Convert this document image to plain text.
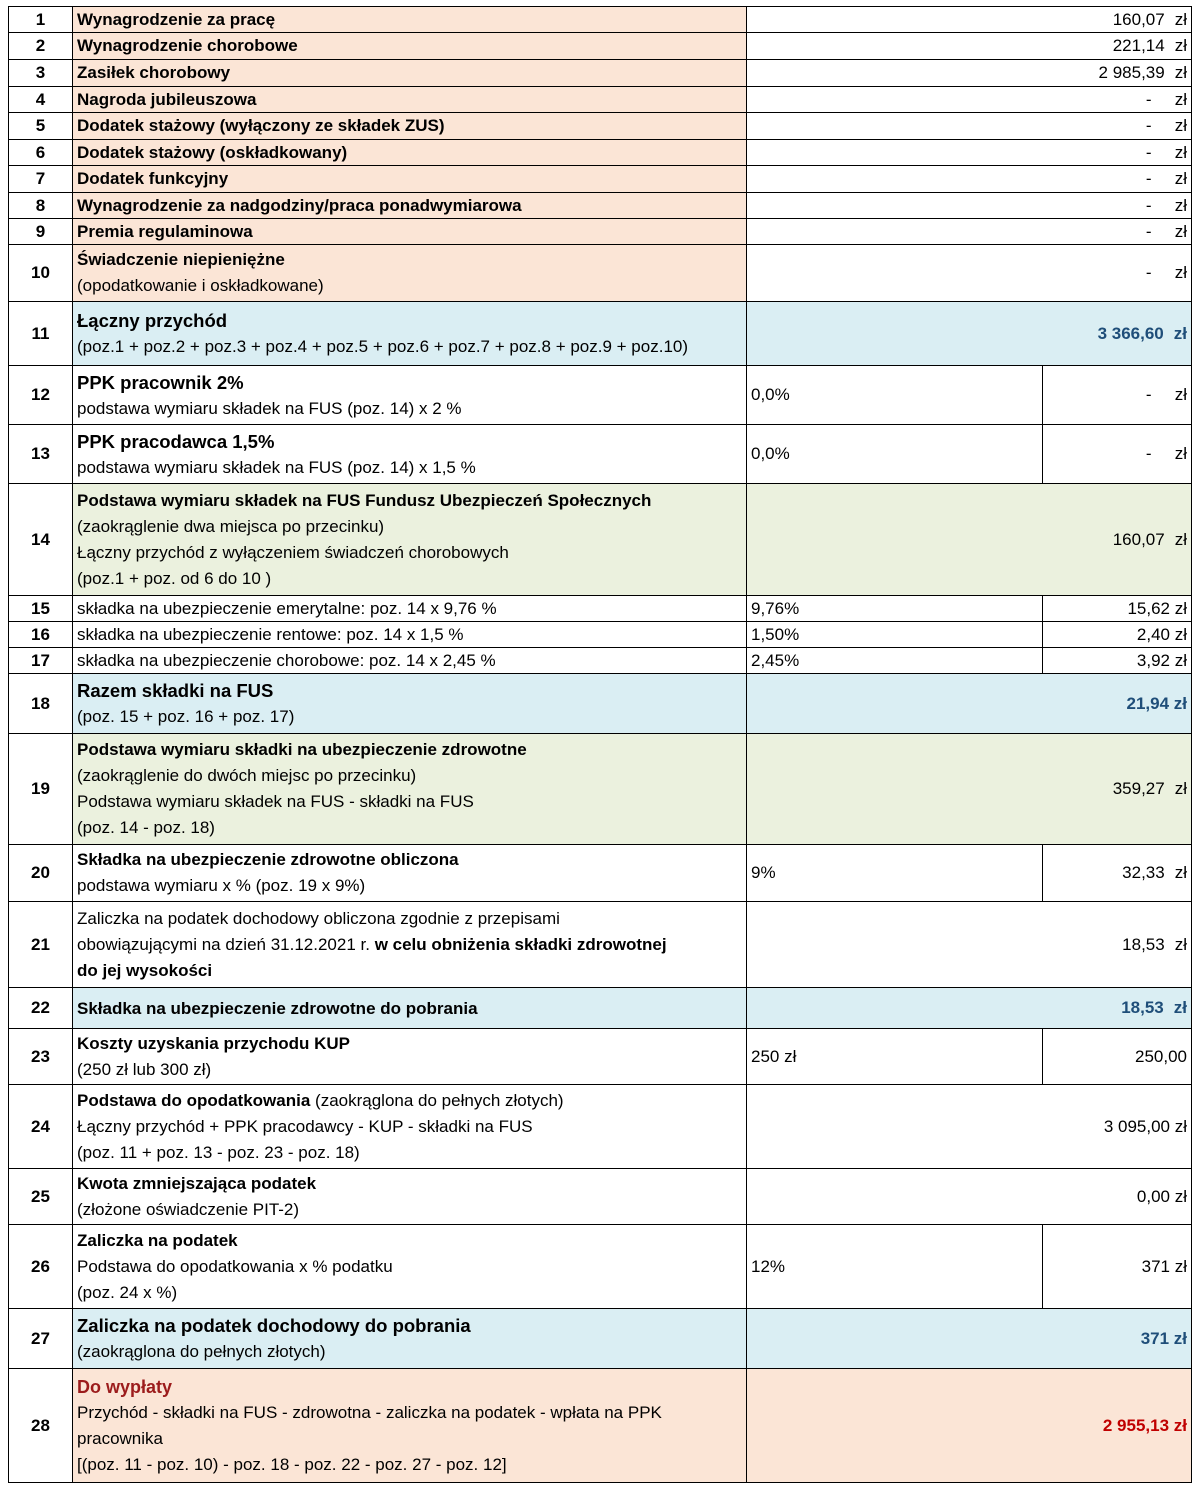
1	Wynagrodzenie za pracę	160,07 zł	
2	Wynagrodzenie chorobowe	221,14 zł	
3	Zasiłek chorobowy	2 985,39 zł	
4	Nagroda jubileuszowa	- zł	
5	Dodatek stażowy (wyłączony ze składek ZUS)	- zł	
6	Dodatek stażowy (oskładkowany)	- zł	
7	Dodatek funkcyjny	- zł	
8	Wynagrodzenie za nadgodziny/praca ponadwymiarowa	- zł	
9	Premia regulaminowa	- zł	
10	Świadczenie niepieniężne
(opodatkowanie i oskładkowane)	- zł	
11	Łączny przychód
(poz.1 + poz.2 + poz.3 + poz.4 + poz.5 + poz.6 + poz.7 + poz.8 + poz.9 + poz.10)	3 366,60 zł	
12	PPK pracownik 2%
podstawa wymiaru składek na FUS (poz. 14) x 2 %	0,0%	- zł
13	PPK pracodawca 1,5%
podstawa wymiaru składek na FUS (poz. 14) x 1,5 %	0,0%	- zł
14	Podstawa wymiaru składek na FUS Fundusz Ubezpieczeń Społecznych
(zaokrąglenie dwa miejsca po przecinku)
Łączny przychód z wyłączeniem świadczeń chorobowych
(poz.1 + poz. od 6 do 10 )	160,07 zł	
15	składka na ubezpieczenie emerytalne: poz. 14 x 9,76 %	9,76%	15,62 zł
16	składka na ubezpieczenie rentowe: poz. 14 x 1,5 %	1,50%	2,40 zł
17	składka na ubezpieczenie chorobowe: poz. 14 x 2,45 %	2,45%	3,92 zł
18	Razem składki na FUS
(poz. 15 + poz. 16 + poz. 17)	21,94 zł	
19	Podstawa wymiaru składki na ubezpieczenie zdrowotne
(zaokrąglenie do dwóch miejsc po przecinku)
Podstawa wymiaru składek na FUS - składki na FUS
(poz. 14 - poz. 18)	359,27 zł	
20	Składka na ubezpieczenie zdrowotne obliczona
podstawa wymiaru x % (poz. 19 x 9%)	9%	32,33 zł
21	Zaliczka na podatek dochodowy obliczona zgodnie z przepisami
obowiązującymi na dzień 31.12.2021 r. w celu obniżenia składki zdrowotnej
do jej wysokości	18,53 zł	
22	Składka na ubezpieczenie zdrowotne do pobrania	18,53 zł	
23	Koszty uzyskania przychodu KUP
(250 zł lub 300 zł)	250 zł	250,00
24	Podstawa do opodatkowania (zaokrąglona do pełnych złotych)
Łączny przychód + PPK pracodawcy - KUP - składki na FUS
(poz. 11 + poz. 13 - poz. 23 - poz. 18)	3 095,00 zł	
25	Kwota zmniejszająca podatek
(złożone oświadczenie PIT-2)	0,00 zł	
26	Zaliczka na podatek
Podstawa do opodatkowania x % podatku
(poz. 24 x %)	12%	371 zł
27	Zaliczka na podatek dochodowy do pobrania
(zaokrąglona do pełnych złotych)	371 zł	
28	Do wypłaty
Przychód - składki na FUS - zdrowotna - zaliczka na podatek - wpłata na PPK
pracownika
[(poz. 11 - poz. 10) - poz. 18 - poz. 22 - poz. 27 - poz. 12]	2 955,13 zł	
